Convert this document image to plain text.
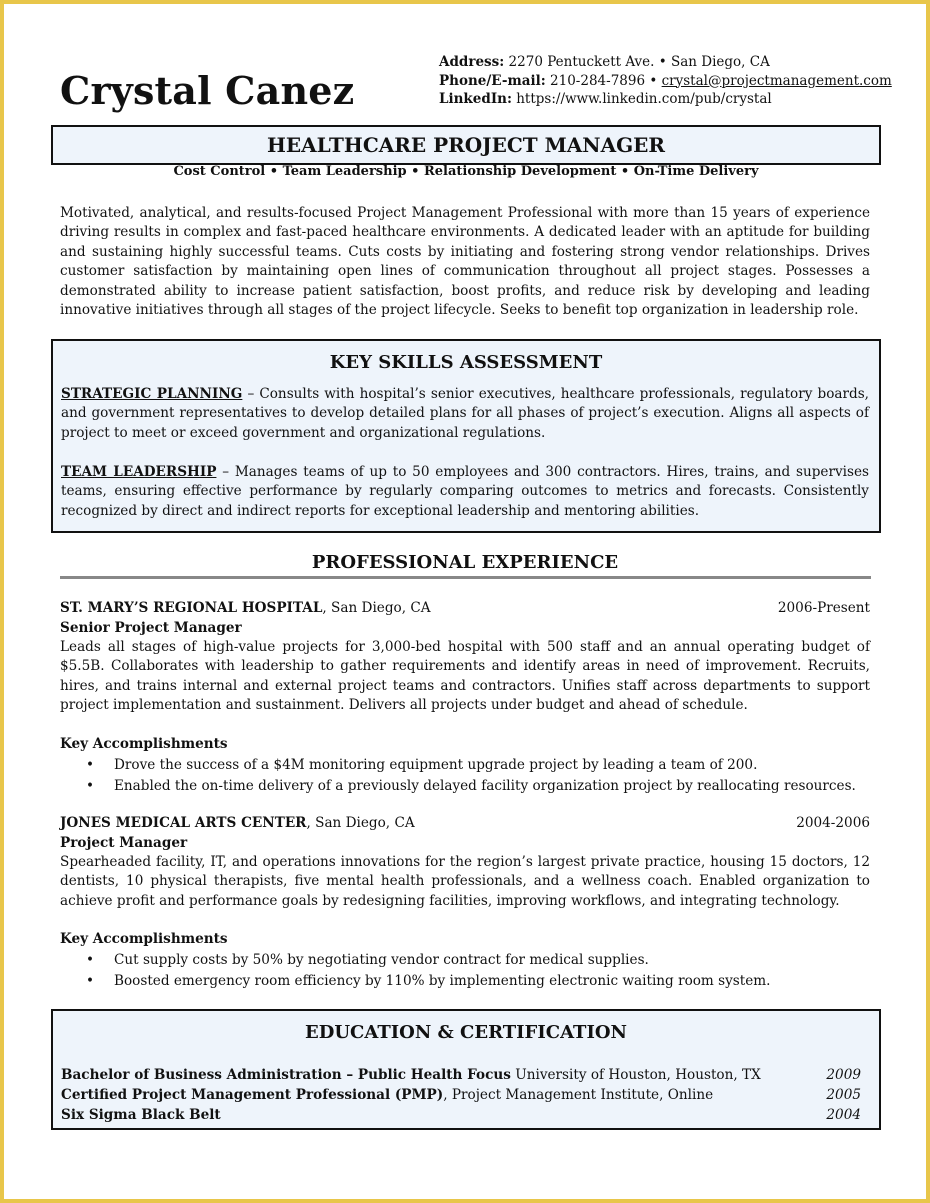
Crystal Canez
Address: 2270 Pentuckett Ave. • San Diego, CA
Phone/E-mail: 210-284-7896 • crystal@projectmanagement.com
LinkedIn: https://www.linkedin.com/pub/crystal
HEALTHCARE PROJECT MANAGER
Cost Control • Team Leadership • Relationship Development • On-Time Delivery
Motivated, analytical, and results-focused Project Management Professional with more than 15 years of experience driving results in complex and fast-paced healthcare environments. A dedicated leader with an aptitude for building and sustaining highly successful teams. Cuts costs by initiating and fostering strong vendor relationships. Drives customer satisfaction by maintaining open lines of communication throughout all project stages. Possesses a demonstrated ability to increase patient satisfaction, boost profits, and reduce risk by developing and leading innovative initiatives through all stages of the project lifecycle. Seeks to benefit top organization in leadership role.
KEY SKILLS ASSESSMENT
STRATEGIC PLANNING – Consults with hospital’s senior executives, healthcare professionals, regulatory boards, and government representatives to develop detailed plans for all phases of project’s execution. Aligns all aspects of project to meet or exceed government and organizational regulations.
TEAM LEADERSHIP – Manages teams of up to 50 employees and 300 contractors. Hires, trains, and supervises teams, ensuring effective performance by regularly comparing outcomes to metrics and forecasts. Consistently recognized by direct and indirect reports for exceptional leadership and mentoring abilities.
PROFESSIONAL EXPERIENCE
ST. MARY’S REGIONAL HOSPITAL, San Diego, CA	2006-Present
Senior Project Manager
Leads all stages of high-value projects for 3,000-bed hospital with 500 staff and an annual operating budget of $5.5B. Collaborates with leadership to gather requirements and identify areas in need of improvement. Recruits, hires, and trains internal and external project teams and contractors. Unifies staff across departments to support project implementation and sustainment. Delivers all projects under budget and ahead of schedule.
Key Accomplishments
• Drove the success of a $4M monitoring equipment upgrade project by leading a team of 200.
• Enabled the on-time delivery of a previously delayed facility organization project by reallocating resources.
JONES MEDICAL ARTS CENTER, San Diego, CA	2004-2006
Project Manager
Spearheaded facility, IT, and operations innovations for the region’s largest private practice, housing 15 doctors, 12 dentists, 10 physical therapists, five mental health professionals, and a wellness coach. Enabled organization to achieve profit and performance goals by redesigning facilities, improving workflows, and integrating technology.
Key Accomplishments
• Cut supply costs by 50% by negotiating vendor contract for medical supplies.
• Boosted emergency room efficiency by 110% by implementing electronic waiting room system.
EDUCATION & CERTIFICATION
Bachelor of Business Administration – Public Health Focus University of Houston, Houston, TX	2009
Certified Project Management Professional (PMP), Project Management Institute, Online	2005
Six Sigma Black Belt	2004
